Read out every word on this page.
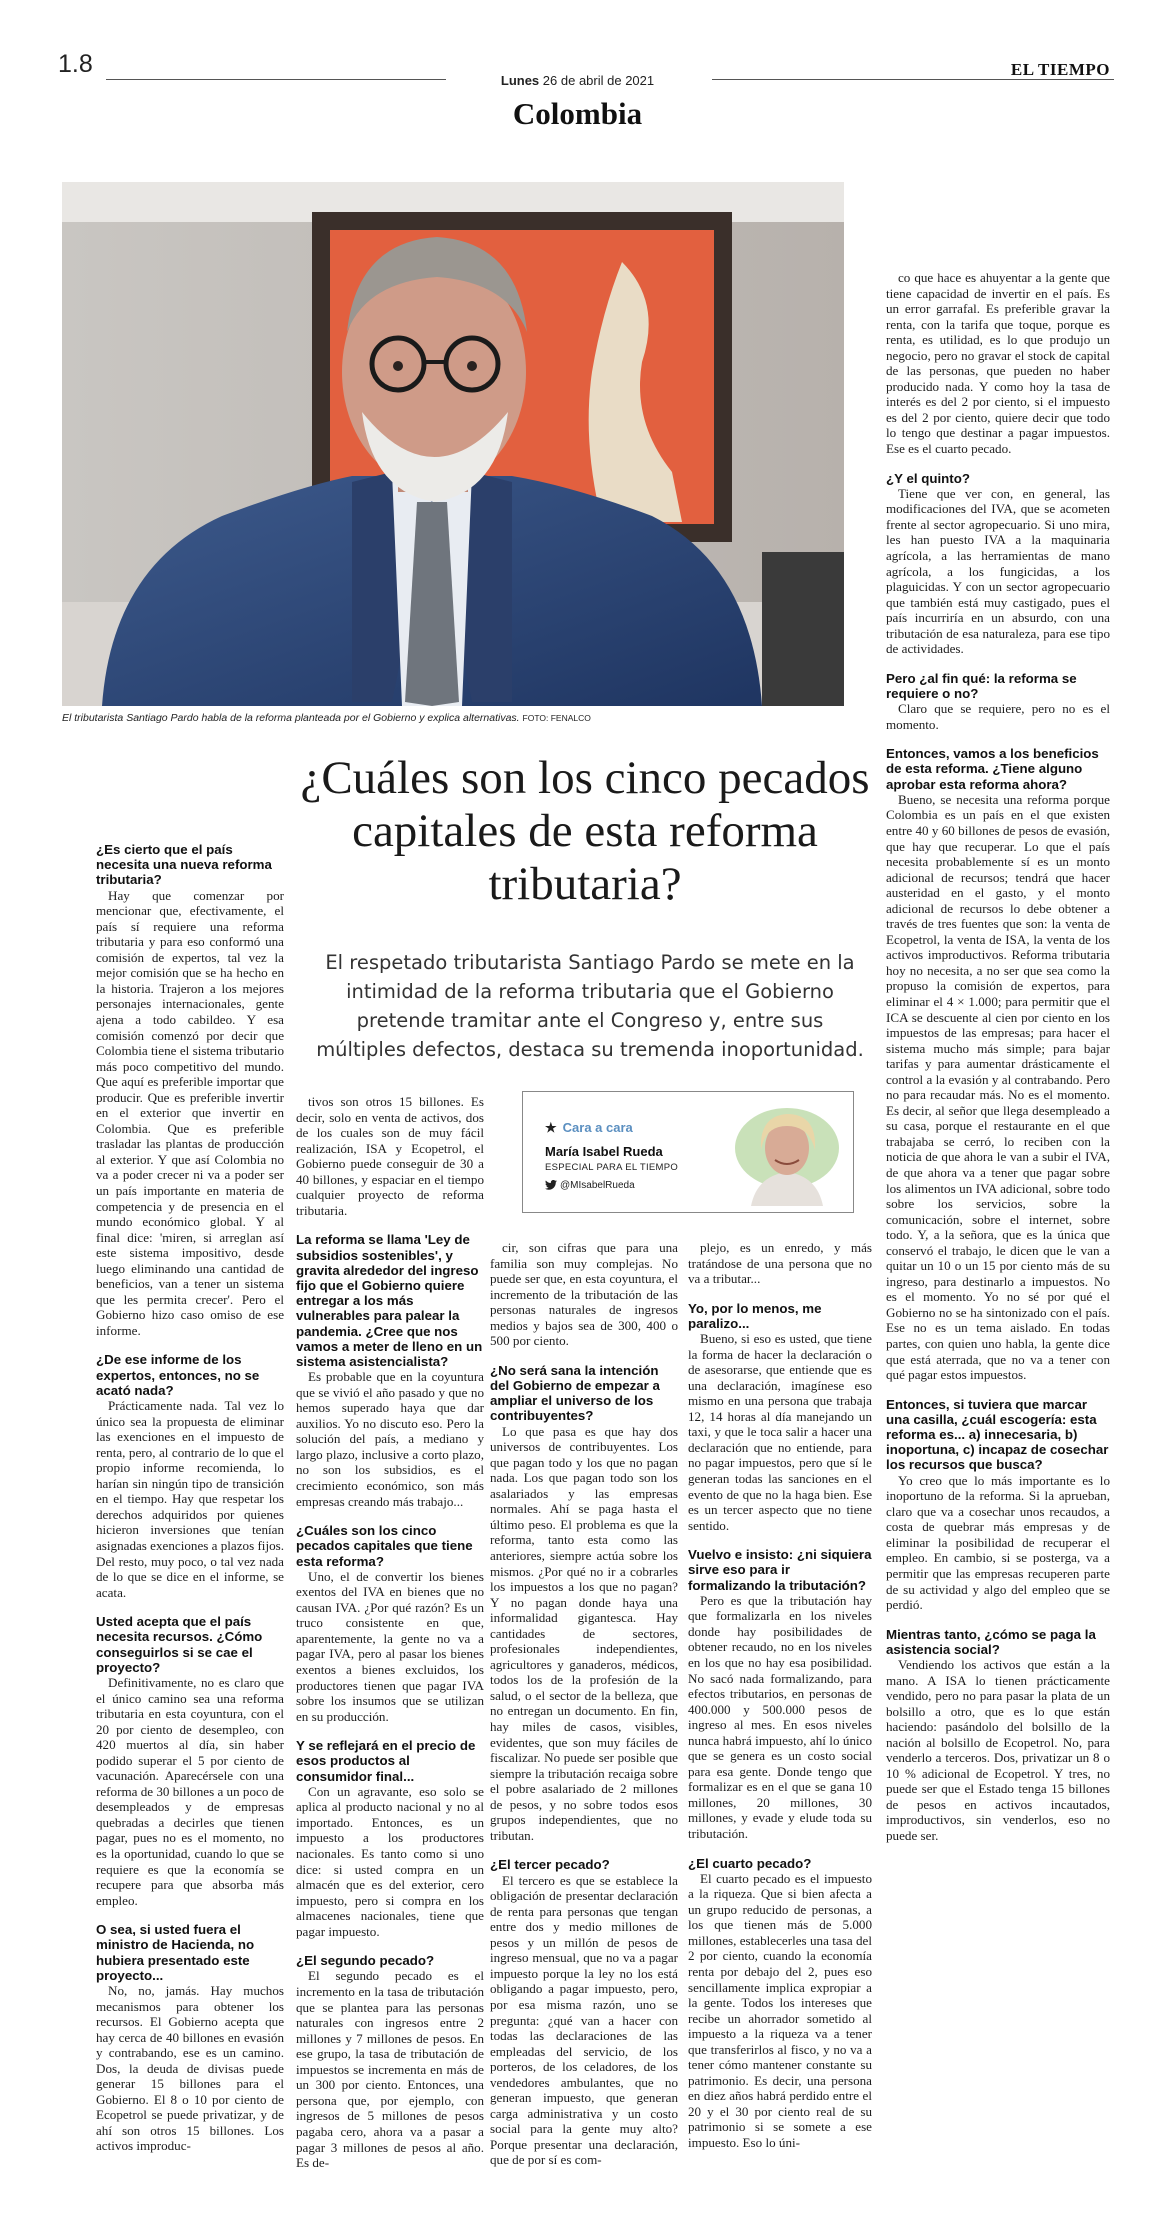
1.8
Lunes 26 de abril de 2021
EL TIEMPO
Colombia
El tributarista Santiago Pardo habla de la reforma planteada por el Gobierno y explica alternativas. FOTO: FENALCO
¿Cuáles son los cinco pecados capitales de esta reforma tributaria?
El respetado tributarista Santiago Pardo se mete en la intimidad de la reforma tributaria que el Gobierno pretende tramitar ante el Congreso y, entre sus múltiples defectos, destaca su tremenda inoportunidad.
★ Cara a cara
María Isabel Rueda
ESPECIAL PARA EL TIEMPO
@MIsabelRueda

¿Es cierto que el país necesita una nueva reforma tributaria?

Hay que comenzar por mencionar que, efectivamente, el país sí requiere una reforma tributaria y para eso conformó una comisión de expertos, tal vez la mejor comisión que se ha hecho en la historia. Trajeron a los mejores personajes internacionales, gente ajena a todo cabildeo. Y esa comisión comenzó por decir que Colombia tiene el sistema tributario más poco competitivo del mundo. Que aquí es preferible importar que producir. Que es preferible invertir en el exterior que invertir en Colombia. Que es preferible trasladar las plantas de producción al exterior. Y que así Colombia no va a poder crecer ni va a poder ser un país importante en materia de competencia y de presencia en el mundo económico global. Y al final dice: 'miren, si arreglan así este sistema impositivo, desde luego eliminando una cantidad de beneficios, van a tener un sistema que les permita crecer'. Pero el Gobierno hizo caso omiso de ese informe.

¿De ese informe de los expertos, entonces, no se acató nada?

Prácticamente nada. Tal vez lo único sea la propuesta de eliminar las exenciones en el impuesto de renta, pero, al contrario de lo que el propio informe recomienda, lo harían sin ningún tipo de transición en el tiempo. Hay que respetar los derechos adquiridos por quienes hicieron inversiones que tenían asignadas exenciones a plazos fijos. Del resto, muy poco, o tal vez nada de lo que se dice en el informe, se acata.

Usted acepta que el país necesita recursos. ¿Cómo conseguirlos si se cae el proyecto?

Definitivamente, no es claro que el único camino sea una reforma tributaria en esta coyuntura, con el 20 por ciento de desempleo, con 420 muertos al día, sin haber podido superar el 5 por ciento de vacunación. Aparecérsele con una reforma de 30 billones a un poco de desempleados y de empresas quebradas a decirles que tienen pagar, pues no es el momento, no es la oportunidad, cuando lo que se requiere es que la economía se recupere para que absorba más empleo.

O sea, si usted fuera el ministro de Hacienda, no hubiera presentado este proyecto...

No, no, jamás. Hay muchos mecanismos para obtener los recursos. El Gobierno acepta que hay cerca de 40 billones en evasión y contrabando, ese es un camino. Dos, la deuda de divisas puede generar 15 billones para el Gobierno. El 8 o 10 por ciento de Ecopetrol se puede privatizar, y de ahí son otros 15 billones. Los activos improduc-

tivos son otros 15 billones. Es decir, solo en venta de activos, dos de los cuales son de muy fácil realización, ISA y Ecopetrol, el Gobierno puede conseguir de 30 a 40 billones, y espaciar en el tiempo cualquier proyecto de reforma tributaria.

La reforma se llama 'Ley de subsidios sostenibles', y gravita alrededor del ingreso fijo que el Gobierno quiere entregar a los más vulnerables para palear la pandemia. ¿Cree que nos vamos a meter de lleno en un sistema asistencialista?

Es probable que en la coyuntura que se vivió el año pasado y que no hemos superado haya que dar auxilios. Yo no discuto eso. Pero la solución del país, a mediano y largo plazo, inclusive a corto plazo, no son los subsidios, es el crecimiento económico, son más empresas creando más trabajo...

¿Cuáles son los cinco pecados capitales que tiene esta reforma?

Uno, el de convertir los bienes exentos del IVA en bienes que no causan IVA. ¿Por qué razón? Es un truco consistente en que, aparentemente, la gente no va a pagar IVA, pero al pasar los bienes exentos a bienes excluidos, los productores tienen que pagar IVA sobre los insumos que se utilizan en su producción.

Y se reflejará en el precio de esos productos al consumidor final...

Con un agravante, eso solo se aplica al producto nacional y no al importado. Entonces, es un impuesto a los productores nacionales. Es tanto como si uno dice: si usted compra en un almacén que es del exterior, cero impuesto, pero si compra en los almacenes nacionales, tiene que pagar impuesto.

¿El segundo pecado?

El segundo pecado es el incremento en la tasa de tributación que se plantea para las personas naturales con ingresos entre 2 millones y 7 millones de pesos. En ese grupo, la tasa de tributación de impuestos se incrementa en más de un 300 por ciento. Entonces, una persona que, por ejemplo, con ingresos de 5 millones de pesos pagaba cero, ahora va a pasar a pagar 3 millones de pesos al año. Es de-

cir, son cifras que para una familia son muy complejas. No puede ser que, en esta coyuntura, el incremento de la tributación de las personas naturales de ingresos medios y bajos sea de 300, 400 o 500 por ciento.

¿No será sana la intención del Gobierno de empezar a ampliar el universo de los contribuyentes?

Lo que pasa es que hay dos universos de contribuyentes. Los que pagan todo y los que no pagan nada. Los que pagan todo son los asalariados y las empresas normales. Ahí se paga hasta el último peso. El problema es que la reforma, tanto esta como las anteriores, siempre actúa sobre los mismos. ¿Por qué no ir a cobrarles los impuestos a los que no pagan? Y no pagan donde haya una informalidad gigantesca. Hay cantidades de sectores, profesionales independientes, agricultores y ganaderos, médicos, todos los de la profesión de la salud, o el sector de la belleza, que no entregan un documento. En fin, hay miles de casos, visibles, evidentes, que son muy fáciles de fiscalizar. No puede ser posible que siempre la tributación recaiga sobre el pobre asalariado de 2 millones de pesos, y no sobre todos esos grupos independientes, que no tributan.

¿El tercer pecado?

El tercero es que se establece la obligación de presentar declaración de renta para personas que tengan entre dos y medio millones de pesos y un millón de pesos de ingreso mensual, que no va a pagar impuesto porque la ley no los está obligando a pagar impuesto, pero, por esa misma razón, uno se pregunta: ¿qué van a hacer con todas las declaraciones de las empleadas del servicio, de los porteros, de los celadores, de los vendedores ambulantes, que no generan impuesto, que generan carga administrativa y un costo social para la gente muy alto? Porque presentar una declaración, que de por sí es com-

plejo, es un enredo, y más tratándose de una persona que no va a tributar...

Yo, por lo menos, me paralizo...

Bueno, si eso es usted, que tiene la forma de hacer la declaración o de asesorarse, que entiende que es una declaración, imagínese eso mismo en una persona que trabaja 12, 14 horas al día manejando un taxi, y que le toca salir a hacer una declaración que no entiende, para no pagar impuestos, pero que sí le generan todas las sanciones en el evento de que no la haga bien. Ese es un tercer aspecto que no tiene sentido.

Vuelvo e insisto: ¿ni siquiera sirve eso para ir formalizando la tributación?

Pero es que la tributación hay que formalizarla en los niveles donde hay posibilidades de obtener recaudo, no en los niveles en los que no hay esa posibilidad. No sacó nada formalizando, para efectos tributarios, en personas de 400.000 y 500.000 pesos de ingreso al mes. En esos niveles nunca habrá impuesto, ahí lo único que se genera es un costo social para esa gente. Donde tengo que formalizar es en el que se gana 10 millones, 20 millones, 30 millones, y evade y elude toda su tributación.

¿El cuarto pecado?

El cuarto pecado es el impuesto a la riqueza. Que si bien afecta a un grupo reducido de personas, a los que tienen más de 5.000 millones, establecerles una tasa del 2 por ciento, cuando la economía renta por debajo del 2, pues eso sencillamente implica expropiar a la gente. Todos los intereses que recibe un ahorrador sometido al impuesto a la riqueza va a tener que transferirlos al fisco, y no va a tener cómo mantener constante su patrimonio. Es decir, una persona en diez años habrá perdido entre el 20 y el 30 por ciento real de su patrimonio si se somete a ese impuesto. Eso lo úni-

co que hace es ahuyentar a la gente que tiene capacidad de invertir en el país. Es un error garrafal. Es preferible gravar la renta, con la tarifa que toque, porque es renta, es utilidad, es lo que produjo un negocio, pero no gravar el stock de capital de las personas, que pueden no haber producido nada. Y como hoy la tasa de interés es del 2 por ciento, si el impuesto es del 2 por ciento, quiere decir que todo lo tengo que destinar a pagar impuestos. Ese es el cuarto pecado.

¿Y el quinto?

Tiene que ver con, en general, las modificaciones del IVA, que se acometen frente al sector agropecuario. Si uno mira, les han puesto IVA a la maquinaria agrícola, a las herramientas de mano agrícola, a los fungicidas, a los plaguicidas. Y con un sector agropecuario que también está muy castigado, pues el país incurriría en un absurdo, con una tributación de esa naturaleza, para ese tipo de actividades.

Pero ¿al fin qué: la reforma se requiere o no?

Claro que se requiere, pero no es el momento.

Entonces, vamos a los beneficios de esta reforma. ¿Tiene alguno aprobar esta reforma ahora?

Bueno, se necesita una reforma porque Colombia es un país en el que existen entre 40 y 60 billones de pesos de evasión, que hay que recuperar. Lo que el país necesita probablemente sí es un monto adicional de recursos; tendrá que hacer austeridad en el gasto, y el monto adicional de recursos lo debe obtener a través de tres fuentes que son: la venta de Ecopetrol, la venta de ISA, la venta de los activos improductivos. Reforma tributaria hoy no necesita, a no ser que sea como la propuso la comisión de expertos, para eliminar el 4 × 1.000; para permitir que el ICA se descuente al cien por ciento en los impuestos de las empresas; para hacer el sistema mucho más simple; para bajar tarifas y para aumentar drásticamente el control a la evasión y al contrabando. Pero no para recaudar más. No es el momento. Es decir, al señor que llega desempleado a su casa, porque el restaurante en el que trabajaba se cerró, lo reciben con la noticia de que ahora le van a subir el IVA, de que ahora va a tener que pagar sobre los alimentos un IVA adicional, sobre todo sobre los servicios, sobre la comunicación, sobre el internet, sobre todo. Y, a la señora, que es la única que conservó el trabajo, le dicen que le van a quitar un 10 o un 15 por ciento más de su ingreso, para destinarlo a impuestos. No es el momento. Yo no sé por qué el Gobierno no se ha sintonizado con el país. Ese no es un tema aislado. En todas partes, con quien uno habla, la gente dice que está aterrada, que no va a tener con qué pagar estos impuestos.

Entonces, si tuviera que marcar una casilla, ¿cuál escogería: esta reforma es... a) innecesaria, b) inoportuna, c) incapaz de cosechar los recursos que busca?

Yo creo que lo más importante es lo inoportuno de la reforma. Si la aprueban, claro que va a cosechar unos recaudos, a costa de quebrar más empresas y de eliminar la posibilidad de recuperar el empleo. En cambio, si se posterga, va a permitir que las empresas recuperen parte de su actividad y algo del empleo que se perdió.

Mientras tanto, ¿cómo se paga la asistencia social?

Vendiendo los activos que están a la mano. A ISA lo tienen prácticamente vendido, pero no para pasar la plata de un bolsillo a otro, que es lo que están haciendo: pasándolo del bolsillo de la nación al bolsillo de Ecopetrol. No, para venderlo a terceros. Dos, privatizar un 8 o 10 % adicional de Ecopetrol. Y tres, no puede ser que el Estado tenga 15 billones de pesos en activos incautados, improductivos, sin venderlos, eso no puede ser.
